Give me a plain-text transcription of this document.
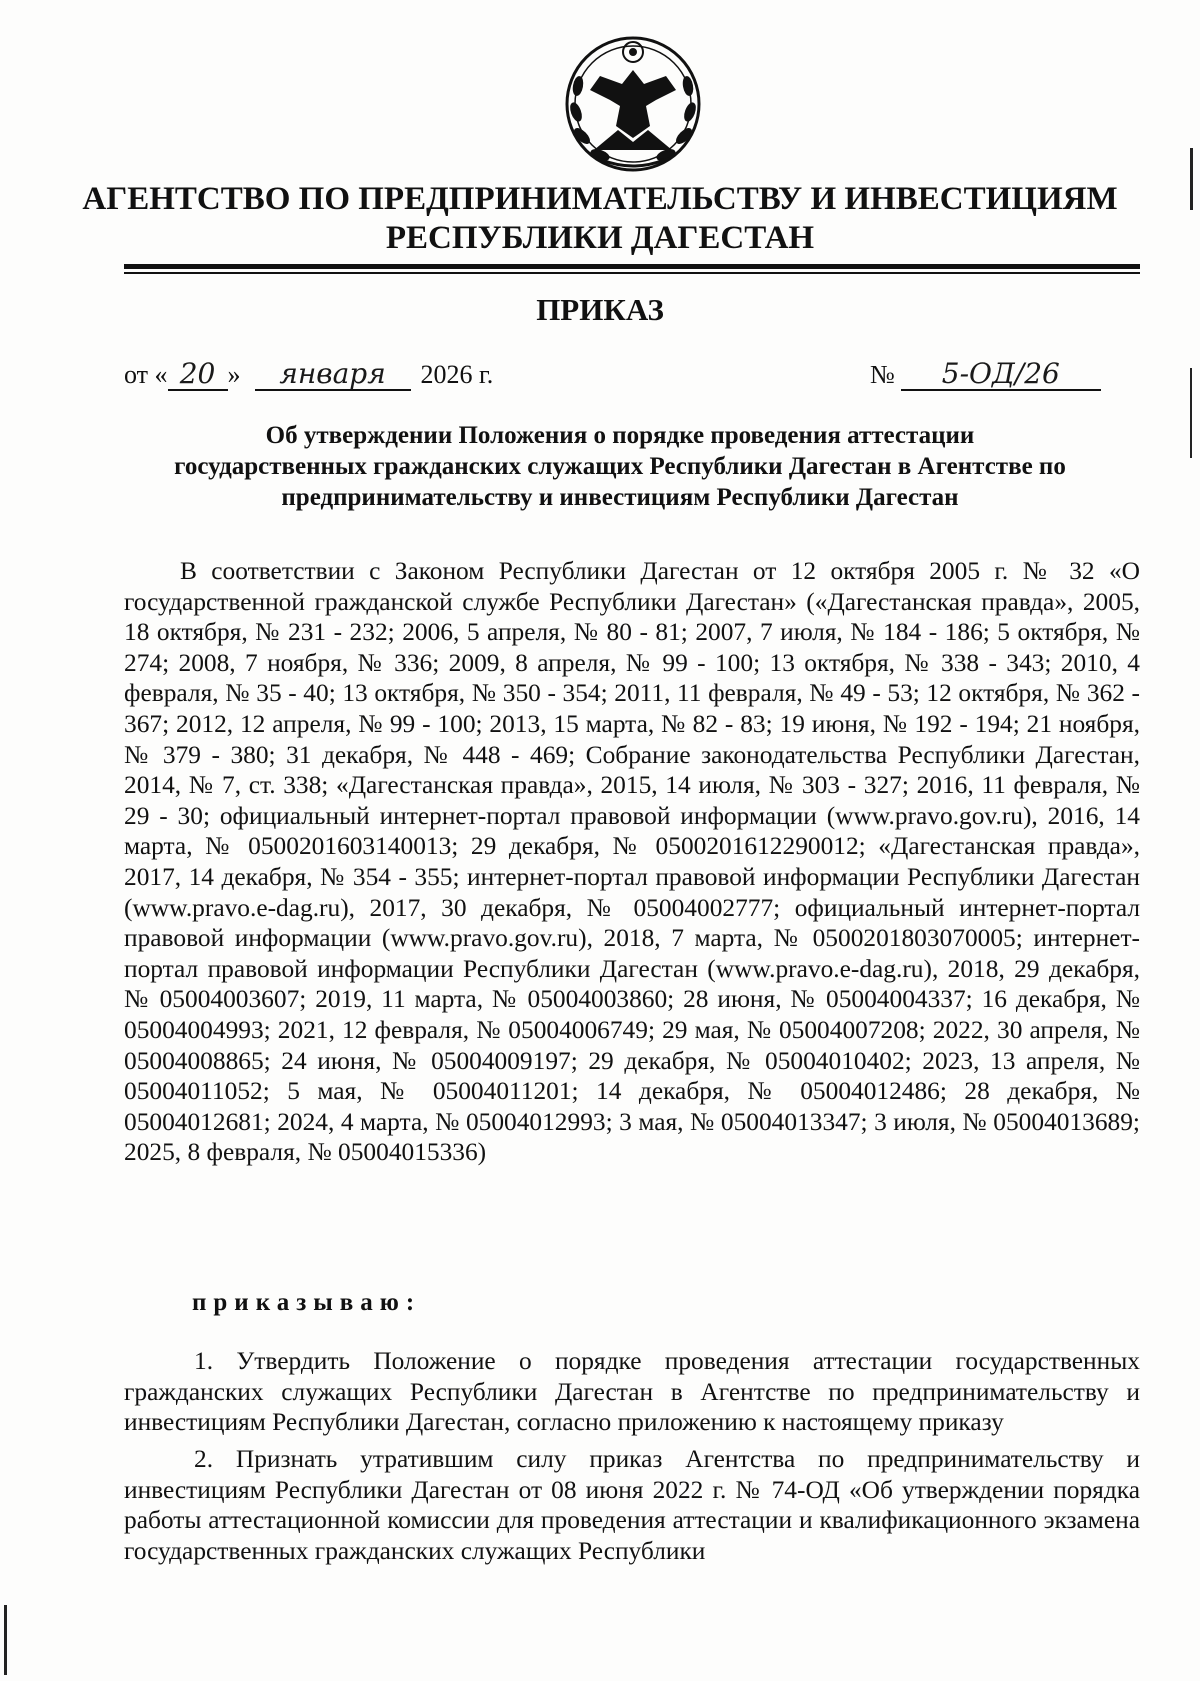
АГЕНТСТВО ПО ПРЕДПРИНИМАТЕЛЬСТВУ И ИНВЕСТИЦИЯМ
РЕСПУБЛИКИ ДАГЕСТАН
ПРИКАЗ
от « 20 » января 2026 г.	№ 5-ОД/26
Об утверждении Положения о порядке проведения аттестации
государственных гражданских служащих Республики Дагестан в Агентстве по
предпринимательству и инвестициям Республики Дагестан

В соответствии с Законом Республики Дагестан от 12 октября 2005 г. № 32 «О государственной гражданской службе Республики Дагестан» («Дагестанская правда», 2005, 18 октября, № 231 - 232; 2006, 5 апреля, № 80 - 81; 2007, 7 июля, № 184 - 186; 5 октября, № 274; 2008, 7 ноября, № 336; 2009, 8 апреля, № 99 - 100; 13 октября, № 338 - 343; 2010, 4 февраля, № 35 - 40; 13 октября, № 350 - 354; 2011, 11 февраля, № 49 - 53; 12 октября, № 362 - 367; 2012, 12 апреля, № 99 - 100; 2013, 15 марта, № 82 - 83; 19 июня, № 192 - 194; 21 ноября, № 379 - 380; 31 декабря, № 448 - 469; Собрание законодательства Республики Дагестан, 2014, № 7, ст. 338; «Дагестанская правда», 2015, 14 июля, № 303 - 327; 2016, 11 февраля, № 29 - 30; официальный интернет-портал правовой информации (www.pravo.gov.ru), 2016, 14 марта, № 0500201603140013; 29 декабря, № 0500201612290012; «Дагестанская правда», 2017, 14 декабря, № 354 - 355; интернет-портал правовой информации Республики Дагестан (www.pravo.e-dag.ru), 2017, 30 декабря, № 05004002777; официальный интернет-портал правовой информации (www.pravo.gov.ru), 2018, 7 марта, № 0500201803070005; интернет-портал правовой информации Республики Дагестан (www.pravo.e-dag.ru), 2018, 29 декабря, № 05004003607; 2019, 11 марта, № 05004003860; 28 июня, № 05004004337; 16 декабря, № 05004004993; 2021, 12 февраля, № 05004006749; 29 мая, № 05004007208; 2022, 30 апреля, № 05004008865; 24 июня, № 05004009197; 29 декабря, № 05004010402; 2023, 13 апреля, № 05004011052; 5 мая, № 05004011201; 14 декабря, № 05004012486; 28 декабря, № 05004012681; 2024, 4 марта, № 05004012993; 3 мая, № 05004013347; 3 июля, № 05004013689; 2025, 8 февраля, № 05004015336)

приказываю:

1. Утвердить Положение о порядке проведения аттестации государственных гражданских служащих Республики Дагестан в Агентстве по предпринимательству и инвестициям Республики Дагестан, согласно приложению к настоящему приказу

2. Признать утратившим силу приказ Агентства по предпринимательству и инвестициям Республики Дагестан от 08 июня 2022 г. № 74-ОД «Об утверждении порядка работы аттестационной комиссии для проведения аттестации и квалификационного экзамена государственных гражданских служащих Республики
